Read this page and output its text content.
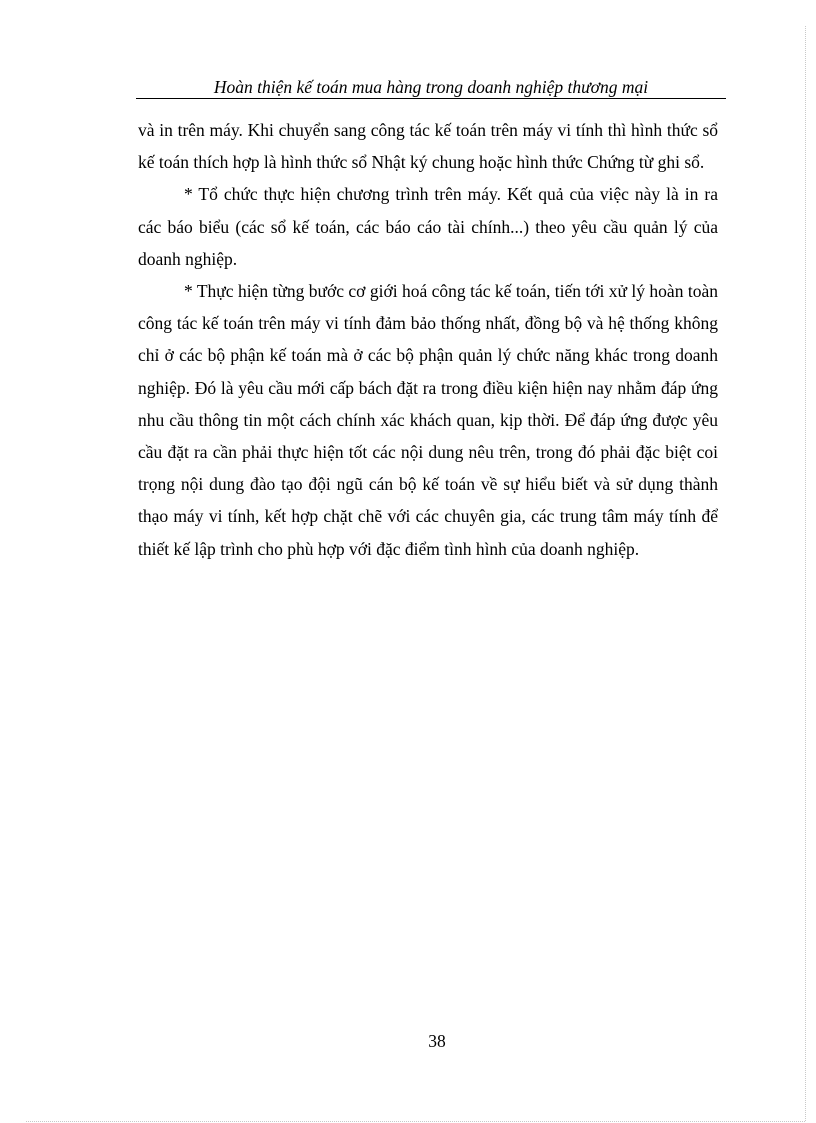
Hoàn thiện kế toán mua hàng trong doanh nghiệp thương mại

và in trên máy. Khi chuyển sang công tác kế toán trên máy vi tính thì hình thức sổ kế toán thích hợp là hình thức sổ Nhật ký chung hoặc hình thức Chứng từ ghi sổ.

* Tổ chức thực hiện chương trình trên máy. Kết quả của việc này là in ra các báo biểu (các sổ kế toán, các báo cáo tài chính...) theo yêu cầu quản lý của doanh nghiệp.

* Thực hiện từng bước cơ giới hoá công tác kế toán, tiến tới xử lý hoàn toàn công tác kế toán trên máy vi tính đảm bảo thống nhất, đồng bộ và hệ thống không chỉ ở các bộ phận kế toán mà ở các bộ phận quản lý chức năng khác trong doanh nghiệp. Đó là yêu cầu mới cấp bách đặt ra trong điều kiện hiện nay nhằm đáp ứng nhu cầu thông tin một cách chính xác khách quan, kịp thời. Để đáp ứng được yêu cầu đặt ra cần phải thực hiện tốt các nội dung nêu trên, trong đó phải đặc biệt coi trọng nội dung đào tạo đội ngũ cán bộ kế toán về sự hiểu biết và sử dụng thành thạo máy vi tính, kết hợp chặt chẽ với các chuyên gia, các trung tâm máy tính để thiết kế lập trình cho phù hợp với đặc điểm tình hình của doanh nghiệp.

38
